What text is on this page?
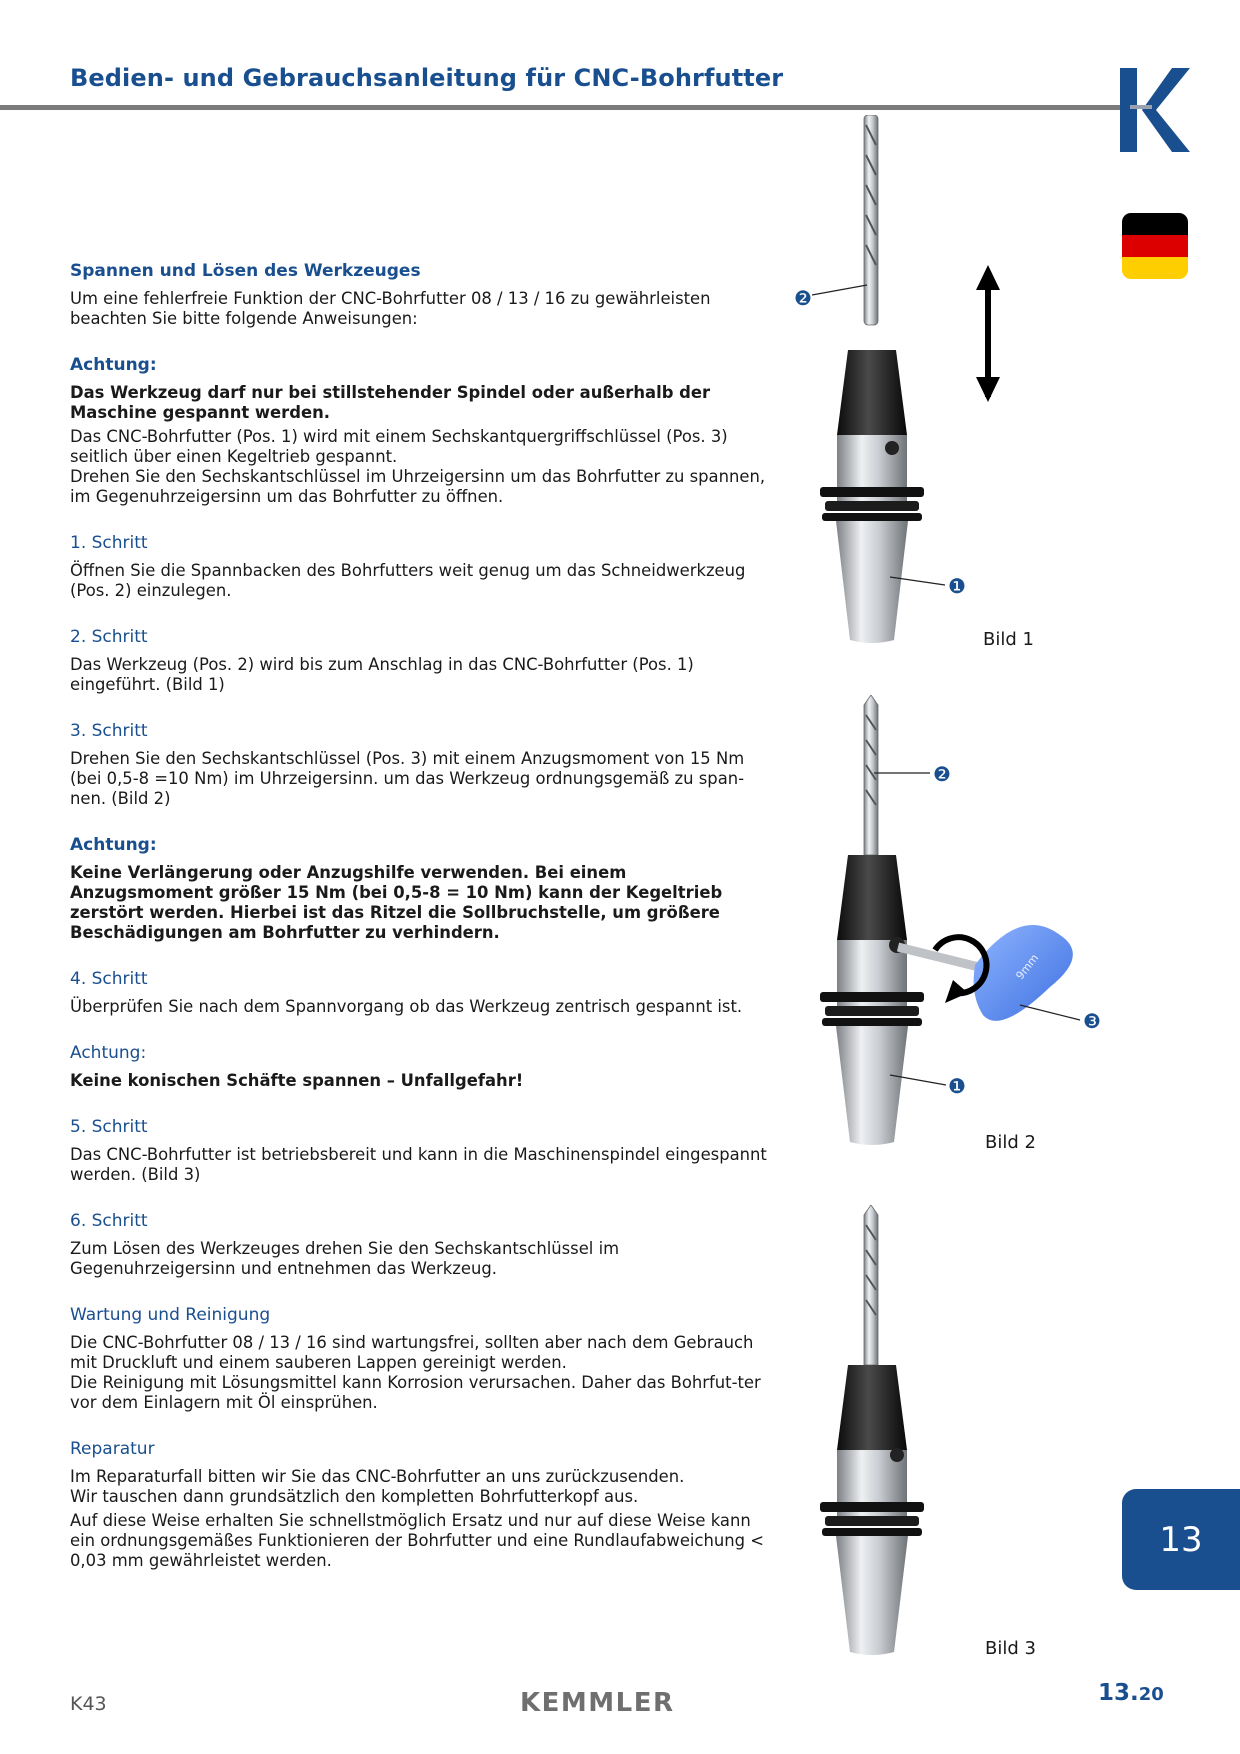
Bedien- und Gebrauchsanleitung für CNC-Bohrfutter
Spannen und Lösen des Werkzeuges

Um eine fehlerfreie Funktion der CNC-Bohrfutter 08 / 13 / 16 zu gewährleisten beachten Sie bitte folgende Anweisungen:

Achtung:

Das Werkzeug darf nur bei stillstehender Spindel oder außerhalb der Maschine gespannt werden.

Das CNC-Bohrfutter (Pos. 1) wird mit einem Sechskantquergriffschlüssel (Pos. 3) seitlich über einen Kegeltrieb gespannt.
Drehen Sie den Sechskantschlüssel im Uhrzeigersinn um das Bohrfutter zu spannen, im Gegenuhrzeigersinn um das Bohrfutter zu öffnen.

1. Schritt

Öffnen Sie die Spannbacken des Bohrfutters weit genug um das Schneidwerkzeug (Pos. 2) einzulegen.

2. Schritt

Das Werkzeug (Pos. 2) wird bis zum Anschlag in das CNC-Bohrfutter (Pos. 1) eingeführt. (Bild 1)

3. Schritt

Drehen Sie den Sechskantschlüssel (Pos. 3) mit einem Anzugsmoment von 15 Nm (bei 0,5-8 =10 Nm) im Uhrzeigersinn. um das Werkzeug ordnungsgemäß zu span-nen. (Bild 2)

Achtung:

Keine Verlängerung oder Anzugshilfe verwenden. Bei einem Anzugsmoment größer 15 Nm (bei 0,5-8 = 10 Nm) kann der Kegeltrieb zerstört werden. Hierbei ist das Ritzel die Sollbruchstelle, um größere Beschädigungen am Bohrfutter zu verhindern.

4. Schritt

Überprüfen Sie nach dem Spannvorgang ob das Werkzeug zentrisch gespannt ist.

Achtung:

Keine konischen Schäfte spannen – Unfallgefahr!

5. Schritt

Das CNC-Bohrfutter ist betriebsbereit und kann in die Maschinenspindel eingespannt werden. (Bild 3)

6. Schritt

Zum Lösen des Werkzeuges drehen Sie den Sechskantschlüssel im Gegenuhrzeigersinn und entnehmen das Werkzeug.

Wartung und Reinigung

Die CNC-Bohrfutter 08 / 13 / 16 sind wartungsfrei, sollten aber nach dem Gebrauch mit Druckluft und einem sauberen Lappen gereinigt werden.
Die Reinigung mit Lösungsmittel kann Korrosion verursachen. Daher das Bohrfut-ter vor dem Einlagern mit Öl einsprühen.

Reparatur

Im Reparaturfall bitten wir Sie das CNC-Bohrfutter an uns zurückzusenden.
Wir tauschen dann grundsätzlich den kompletten Bohrfutterkopf aus.

Auf diese Weise erhalten Sie schnellstmöglich Ersatz und nur auf diese Weise kann ein ordnungsgemäßes Funktionieren der Bohrfutter und eine Rundlaufabweichung < 0,03 mm gewährleistet werden.

❷
❶
Bild 1
❷
9mm
❸
❶
Bild 2
Bild 3
13
K43	KEMMLER	13.20
